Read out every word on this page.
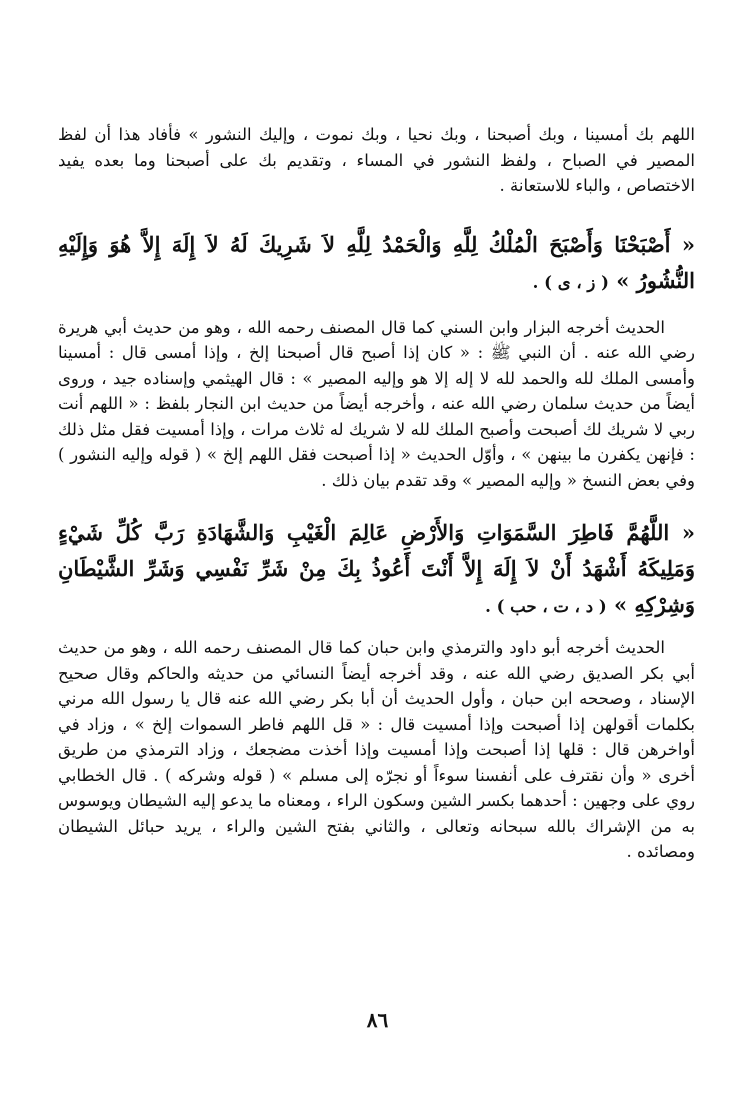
اللهم بك أمسينا ، وبك أصبحنا ، وبك نحيا ، وبك نموت ، وإليك النشور » فأفاد هذا أن لفظ المصير في الصباح ، ولفظ النشور في المساء ، وتقديم بك على أصبحنا وما بعده يفيد الاختصاص ، والباء للاستعانة .

« أَصْبَحْنَا وَأَصْبَحَ الْمُلْكُ لِلَّهِ وَالْحَمْدُ لِلَّهِ لاَ شَرِيكَ لَهُ لاَ إِلَهَ إِلاَّ هُوَ وَإِلَيْهِ النُّشُورُ » ( ز ، ى ) .

الحديث أخرجه البزار وابن السني كما قال المصنف رحمه الله ، وهو من حديث أبي هريرة رضي الله عنه . أن النبي ﷺ : « كان إذا أصبح قال أصبحنا إلخ ، وإذا أمسى قال : أمسينا وأمسى الملك لله والحمد لله لا إله إلا هو وإليه المصير » : قال الهيثمي وإسناده جيد ، وروى أيضاً من حديث سلمان رضي الله عنه ، وأخرجه أيضاً من حديث ابن النجار بلفظ : « اللهم أنت ربي لا شريك لك أصبحت وأصبح الملك لله لا شريك له ثلاث مرات ، وإذا أمسيت فقل مثل ذلك : فإنهن يكفرن ما بينهن » ، وأوّل الحديث « إذا أصبحت فقل اللهم إلخ » ( قوله وإليه النشور ) وفي بعض النسخ « وإليه المصير » وقد تقدم بيان ذلك .

« اللَّهُمَّ فَاطِرَ السَّمَوَاتِ وَالأَرْضِ عَالِمَ الْغَيْبِ وَالشَّهَادَةِ رَبَّ كُلِّ شَيْءٍ وَمَلِيكَهُ أَشْهَدُ أَنْ لاَ إِلَهَ إِلاَّ أَنْتَ أَعُوذُ بِكَ مِنْ شَرِّ نَفْسِي وَشَرِّ الشَّيْطَانِ وَشِرْكِهِ » ( د ، ت ، حب ) .

الحديث أخرجه أبو داود والترمذي وابن حبان كما قال المصنف رحمه الله ، وهو من حديث أبي بكر الصديق رضي الله عنه ، وقد أخرجه أيضاً النسائي من حديثه والحاكم وقال صحيح الإسناد ، وصححه ابن حبان ، وأول الحديث أن أبا بكر رضي الله عنه قال يا رسول الله مرني بكلمات أقولهن إذا أصبحت وإذا أمسيت قال : « قل اللهم فاطر السموات إلخ » ، وزاد في أواخرهن قال : قلها إذا أصبحت وإذا أمسيت وإذا أخذت مضجعك ، وزاد الترمذي من طريق أخرى « وأن نقترف على أنفسنا سوءاً أو نجرّه إلى مسلم » ( قوله وشركه ) . قال الخطابي روي على وجهين : أحدهما بكسر الشين وسكون الراء ، ومعناه ما يدعو إليه الشيطان ويوسوس به من الإشراك بالله سبحانه وتعالى ، والثاني بفتح الشين والراء ، يريد حبائل الشيطان ومصائده .

٨٦
